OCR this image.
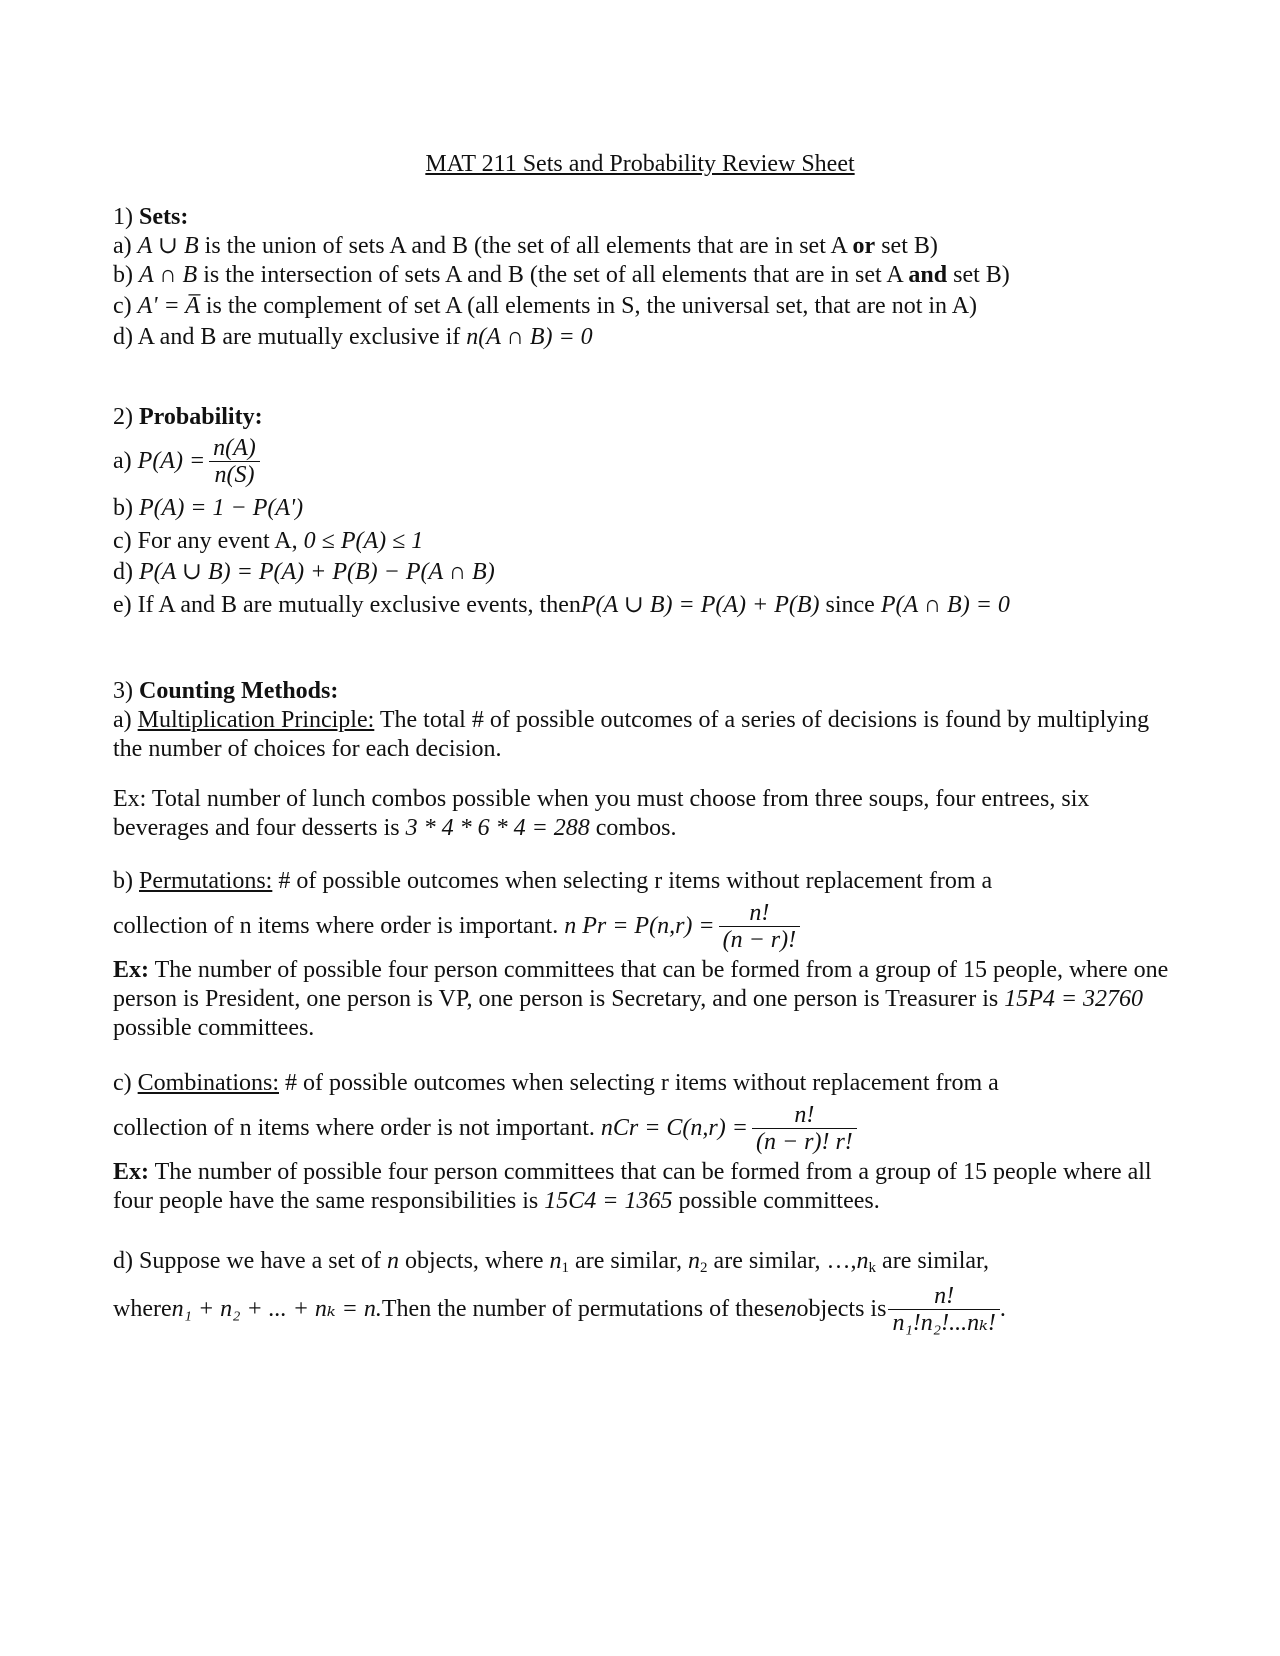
MAT 211 Sets and Probability Review Sheet
1) Sets:
a) A ∪ B is the union of sets A and B (the set of all elements that are in set A or set B)
b) A ∩ B is the intersection of sets A and B (the set of all elements that are in set A and set B)
c) A' = A̅ is the complement of set A (all elements in S, the universal set, that are not in A)
d) A and B are mutually exclusive if n(A ∩ B) = 0
2) Probability:
a)
$P(A) = \frac{n(A)}{n(S)}$
b) P(A) = 1 − P(A')
c) For any event A, 0 ≤ P(A) ≤ 1
d) P(A ∪ B) = P(A) + P(B) − P(A ∩ B)
e) If A and B are mutually exclusive events, thenP(A ∪ B) = P(A) + P(B) since P(A ∩ B) = 0
3) Counting Methods:
a) Multiplication Principle: The total # of possible outcomes of a series of decisions is found by multiplying the number of choices for each decision.
Ex: Total number of lunch combos possible when you must choose from three soups, four entrees, six beverages and four desserts is 3 * 4 * 6 * 4 = 288 combos.
b) Permutations: # of possible outcomes when selecting r items without replacement from a
collection of n items where order is important.
n $Pr = P(n,r) = \frac{n!}{(n - r)!}$
Ex: The number of possible four person committees that can be formed from a group of 15 people, where one person is President, one person is VP, one person is Secretary, and one person is Treasurer is 15P4 = 32760 possible committees.
c) Combinations: # of possible outcomes when selecting r items without replacement from a
collection of n items where order is not important.
nCr = $C(n,r) = \frac{n!}{(n - r)! r!}$
Ex: The number of possible four person committees that can be formed from a group of 15 people where all four people have the same responsibilities is 15C4 = 1365 possible committees.
d) Suppose we have a set of n objects, where $n_1$ are similar, $n_2$ are similar, $\dots,n_k$ are similar,
where n₁ + n₂ + ... + nₖ = n. Then the number of permutations of these n objects is $\frac{n!}{\text{n₁!n₂!...nₖ!}}$ .
